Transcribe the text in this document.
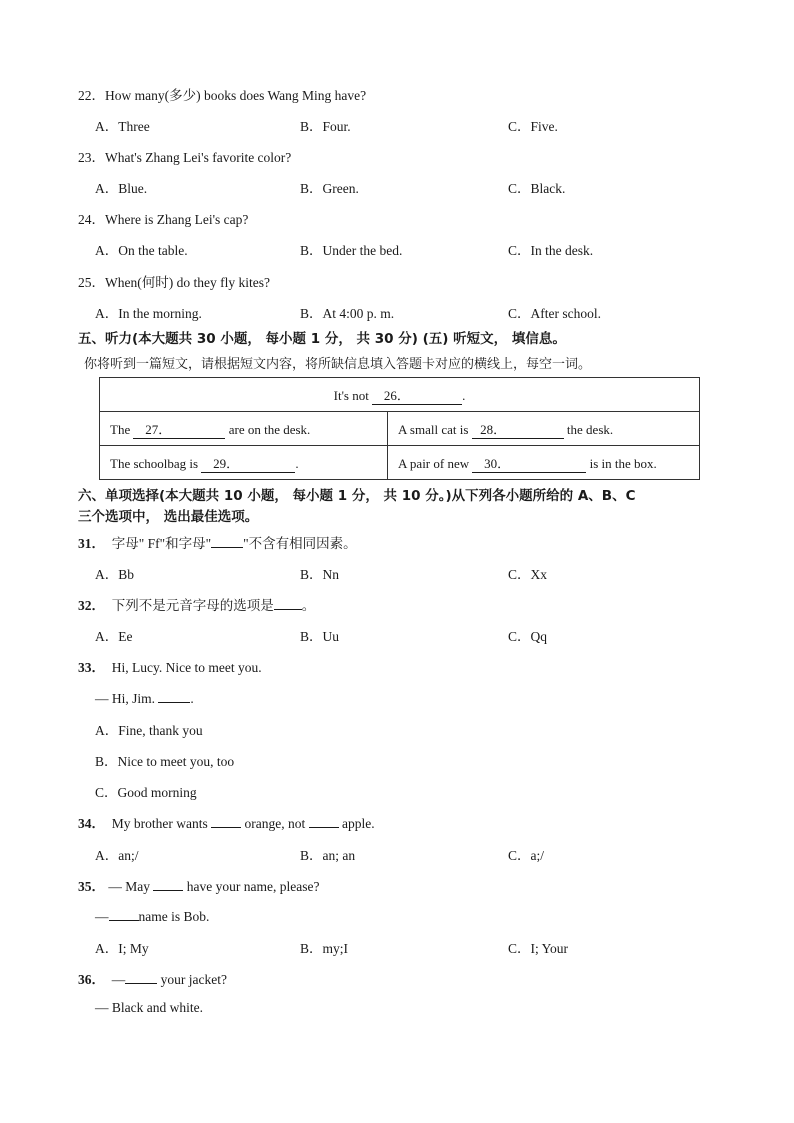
22．How many(多少) books does Wang Ming have?
A．Three	B．Four.	C．Five.
23．What's Zhang Lei's favorite color?
A．Blue.	B．Green.	C．Black.
24．Where is Zhang Lei's cap?
A．On the table.	B．Under the bed.	C．In the desk.
25．When(何时) do they fly kites?
A．In the morning.	B．At 4:00 p. m.	C．After school.
五、听力(本大题共 30 小题， 每小题 1 分， 共 30 分) (五) 听短文， 填信息。
你将听到一篇短文，请根据短文内容，将所缺信息填入答题卡对应的横线上，每空一词。
It's not    26． .	
The    27． are on the desk.	A small cat is   28． the desk.
The schoolbag is    29． .	A pair of new    30． is in the box.
六、单项选择(本大题共 10 小题， 每小题 1 分， 共 10 分。)从下列各小题所给的 A、B、C
三个选项中， 选出最佳选项。
31． 字母" Ff"和字母" "不含有相同因素。
A．Bb	B．Nn	C．Xx
32． 下列不是元音字母的选项是 。
A．Ee	B．Uu	C．Qq
33． Hi, Lucy. Nice to meet you.
— Hi, Jim. .
A．Fine, thank you
B．Nice to meet you, too
C．Good morning
34． My brother wants  orange, not  apple.
A．an;/	B．an; an	C．a;/
35． — May  have your name, please?
— name is Bob.
A．I; My	B．my;I	C．I; Your
36． — your jacket?
— Black and white.
